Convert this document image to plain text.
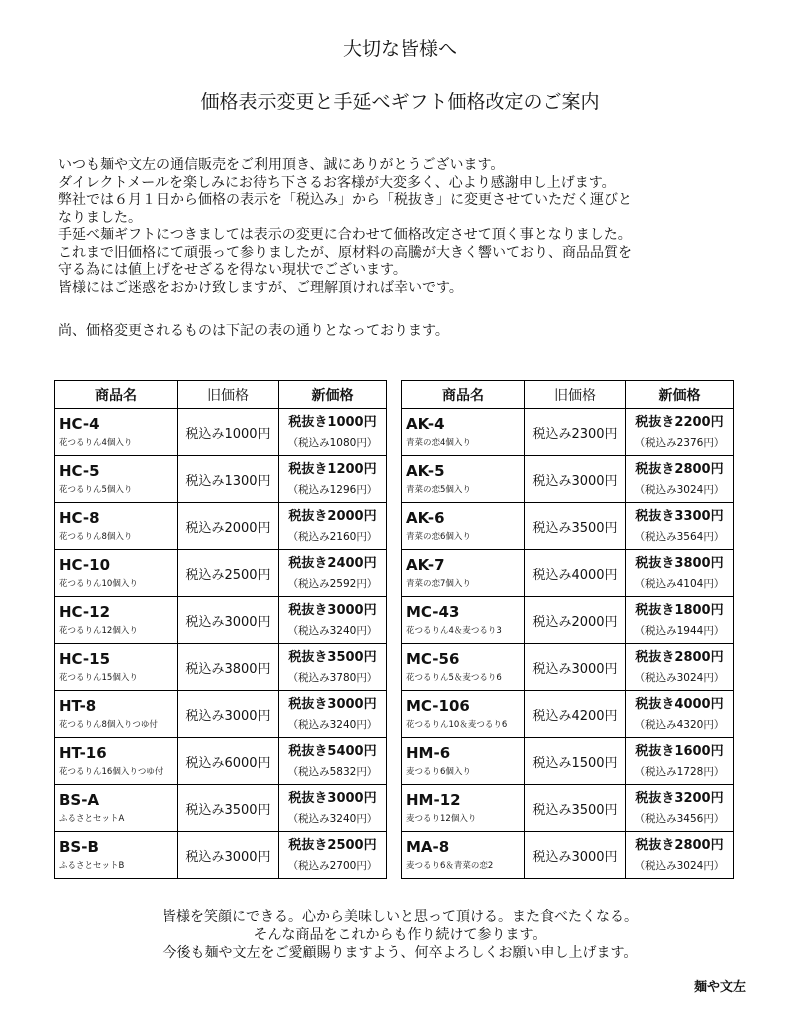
大切な皆様へ
価格表示変更と手延べギフト価格改定のご案内

いつも麺や文左の通信販売をご利用頂き、誠にありがとうございます。

ダイレクトメールを楽しみにお待ち下さるお客様が大変多く、心より感謝申し上げます。

弊社では６月１日から価格の表示を「税込み」から「税抜き」に変更させていただく運びと

なりました。

手延べ麺ギフトにつきましては表示の変更に合わせて価格改定させて頂く事となりました。

これまで旧価格にて頑張って参りましたが、原材料の高騰が大きく響いており、商品品質を

守る為には値上げをせざるを得ない現状でございます。

皆様にはご迷惑をおかけ致しますが、ご理解頂ければ幸いです。

尚、価格変更されるものは下記の表の通りとなっております。
商品名	旧価格	新価格

HC-4
花つるりん4個入り	税込み1000円	税抜き1000円
（税込み1080円）

HC-5
花つるりん5個入り	税込み1300円	税抜き1200円
（税込み1296円）

HC-8
花つるりん8個入り	税込み2000円	税抜き2000円
（税込み2160円）

HC-10
花つるりん10個入り	税込み2500円	税抜き2400円
（税込み2592円）

HC-12
花つるりん12個入り	税込み3000円	税抜き3000円
（税込み3240円）

HC-15
花つるりん15個入り	税込み3800円	税抜き3500円
（税込み3780円）

HT-8
花つるりん8個入りつゆ付	税込み3000円	税抜き3000円
（税込み3240円）

HT-16
花つるりん16個入りつゆ付	税込み6000円	税抜き5400円
（税込み5832円）

BS-A
ふるさとセットA	税込み3500円	税抜き3000円
（税込み3240円）

BS-B
ふるさとセットB	税込み3000円	税抜き2500円
（税込み2700円）
商品名	旧価格	新価格

AK-4
青菜の恋4個入り	税込み2300円	税抜き2200円
（税込み2376円）

AK-5
青菜の恋5個入り	税込み3000円	税抜き2800円
（税込み3024円）

AK-6
青菜の恋6個入り	税込み3500円	税抜き3300円
（税込み3564円）

AK-7
青菜の恋7個入り	税込み4000円	税抜き3800円
（税込み4104円）

MC-43
花つるりん4＆麦つるり3	税込み2000円	税抜き1800円
（税込み1944円）

MC-56
花つるりん5＆麦つるり6	税込み3000円	税抜き2800円
（税込み3024円）

MC-106
花つるりん10＆麦つるり6	税込み4200円	税抜き4000円
（税込み4320円）

HM-6
麦つるり6個入り	税込み1500円	税抜き1600円
（税込み1728円）

HM-12
麦つるり12個入り	税込み3500円	税抜き3200円
（税込み3456円）

MA-8
麦つるり6＆青菜の恋2	税込み3000円	税抜き2800円
（税込み3024円）

皆様を笑顔にできる。心から美味しいと思って頂ける。また食べたくなる。

そんな商品をこれからも作り続けて参ります。

今後も麺や文左をご愛顧賜りますよう、何卒よろしくお願い申し上げます。

麺や文左
